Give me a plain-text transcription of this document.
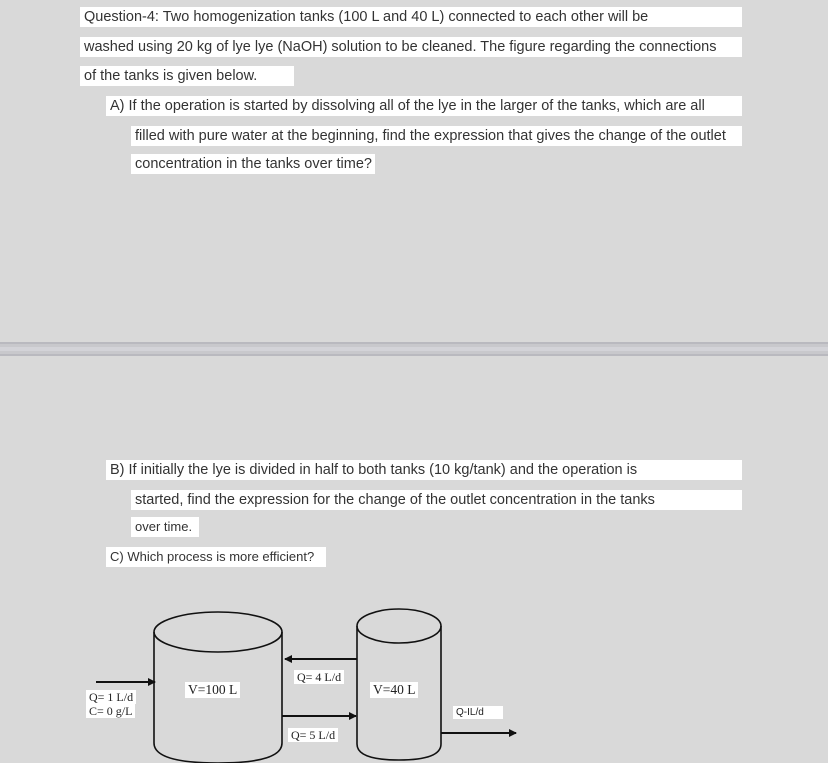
Question-4: Two homogenization tanks (100 L and 40 L) connected to each other will be
washed using 20 kg of lye lye (NaOH) solution to be cleaned. The figure regarding the connections
of the tanks is given below.
A) If the operation is started by dissolving all of the lye in the larger of the tanks, which are all
filled with pure water at the beginning, find the expression that gives the change of the outlet
concentration in the tanks over time?
B) If initially the lye is divided in half to both tanks (10 kg/tank) and the operation is
started, find the expression for the change of the outlet concentration in the tanks
over time.
C) Which process is more efficient?
Q= 1 L/d
C= 0 g/L
V=100 L	V=40 L
Q= 4 L/d
Q= 5 L/d
Q-IL/d
